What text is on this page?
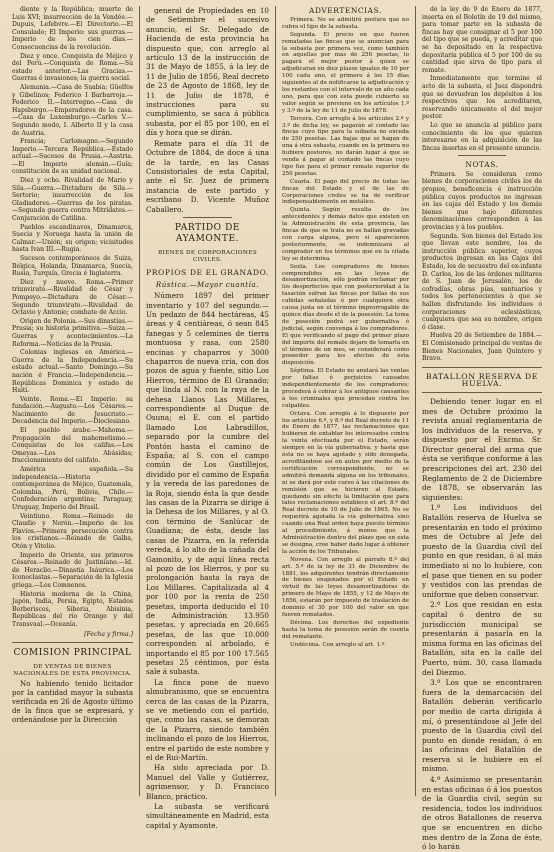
diente y la República; muerte de Luis XVI; insurrección de la Vendée.—Dupuis, Lefebvre.—El Directorio.—El Consulado; El Imperio: sus guerras.—Imperio de los cien días.—Consecuencias de la revolución.

Diez y once. Conquista de Méjico y del Perú.—Conquista de Roma.—Su estado anterior.—Las Gracias.—Guerras é invasiones; la guerra social.

Alemania.—Casa de Suabia; Güelfos y Gibelinos; Federico I Barbarroja.—Federico II.—Interregno.—Casa de Hapsburgo.—Emperadores de la casa.—Casa de Luxemburgo.—Carlos V.—Segundo modo, I. Alberto II y la casa de Austria.

Francia; Carlomagno.—Segundo Imperio.—Tercera República.—Estado actual.—Sucesos de Prusia.—Austria.—El Imperio alemán.—Guía; constitución de su unidad nacional.

Diez y ocho. Rivalidad de Mario y Sila.—Guerra.—Dictadura de Sila.—Sertorio; insurrección de los Gladiadores.—Guerras de los piratas.—Segunda guerra contra Mitrídates.—Conjuración de Catilina.

Pueblos escandinavos, Dinamarca, Suecia y Noruega hasta la unión de Calmar.—Unión; su origen; vicisitudes hasta Ivan III.—Rugia.

Sucesos contemporáneos de Suiza, Bélgica, Holanda, Dinamarca, Suecia, Rusia, Turquía, Grecia é Inglaterra.

Diez y nueve. Roma.—Primer triunvirato.—Rivalidad de César y Pompeyo.—Dictadura de César.—Segundo triunvirato.—Rivalidad de Octavio y Antonio; combate de Accio.

Origen de Polonia.—Sus dinastías.—Prusia; su historia primitiva.—Suiza.—Guerras y acontecimientos.—La Reforma.—Noticias de la Prusia.

Colonias inglesas en América.—Guerra de la Independencia.—Su estado actual.—Santo Domingo.—Su nación é Francia.—Independencia.—Repúblicas Dominica y estado de Haití.

Veinte. Roma.—El Imperio: su fundación.—Augusto.—Los Césares.—Nacimiento de Jesucristo.—Decadencia del Imperio.—Dioclesiano.

El pueblo árabe.—Mahoma.—Propagación del mahometismo.—Conquistas de los califas.—Los Omeyas.—Los Abásidas; fraccionamiento del califato.

América española.—Su independencia.—Historia contemporánea de Méjico, Guatemala, Colombia, Perú, Bolivia, Chile.—Confederación argentina; Paraguay, Uruguay, Imperio del Brasil.

Veintiuno. Roma.—Reinado de Claudio y Nerón.—Imperio de los Flavios.—Primera persecución contra los cristianos.—Reinado de Galba, Otón y Vitelio.

Imperio de Oriente, sus primeros Césares.—Reinado de Justiniano.—Id. de Heraclio.—Dinastía Isáurica.—Los Iconoclastas.—Separación de la Iglesia griega.—Los Comnenos.

Historia moderna de la China, Japón, India, Persia, Egipto, Estados Berberiscos, Siberia, Abisinia, Repúblicas del río Orange y del Transvaal.—Oceanía.

[Fecha y firma.]
COMISION PRINCIPAL
DE VENTAS DE BIENES NACIONALES DE ESTA PROVINCIA.

No habiendo tenido licitador por la cantidad mayor la subasta verificada en 26 de Agosto último de la finca que se expresará, y ordenándose por la Dirección

general de Propiedades en 10 de Setiembre el sucesivo anuncio, el Sr. Delegado de Hacienda de esta provincia ha dispuesto que, con arreglo al artículo 13 de la instrucción de 31 de Mayo de 1855, á la ley de 11 de Julio de 1856, Real decreto de 23 de Agosto de 1868, ley de 11 de Julio de 1878, é instrucciones para su cumplimiento, se saca á pública subasta, por el 85 por 100, en el día y hora que se dirán.

Remate para el día 31 de Octubre de 1884, de doce á una de la tarde, en las Casas Consistoriales de esta Capital, ante el Sr. Juez de primera instancia de este partido y escribano D. Vicente Muñoz Caballero.

PARTIDO DE AYAMONTE.
BIENES DE CORPORACIONES CIVILES.
PROPIOS DE EL GRANADO.
Rústica.—Mayor cuantía.

Número 1897 del primer inventario y 107 del segundo.—Un pedazo de 844 hectáreas, 45 áreas y 4 centiáreas, ó sean 845 fanegas y 5 celemines de tierra montuosa y rasa, con 2580 encinas y chaparros y 3000 chaparros de nueva cría, con dos pozos de agua y fuente, sitio Los Hierros, término de El Granado; que linda al N. con la raya de la dehesa Llanos Las Millares, correspondiente al Duque de Osuna; el E. con el partido llamado Los Labradillos, separado por la cumbre del Pontón hasta el camino de España; al S. con el campo común de Los Gastillejos, dividido por el camino de España y la vereda de las paredones de la Roja, siendo ésta la que desde las casas de la Pizarra se dirige á la Dehesa de los Millares, y al O. con término de Sanlúcar de Guadiana; de ésta, desde las casas de Pizarra, en la referida vereda, á lo alto de la cañada del Gamonito, y de aquí línea recta al pozo de los Hierros, y por su prolongación hasta la raya de Los Millares. Capitalizada al 4 por 100 por la renta de 250 pesetas, importa deducido el 10 de Administración 13.950 pesetas, y apreciada en 20.665 pesetas, de las que 10.000 corresponden al arbolado, é importando el 85 por 100 17.565 pesetas 25 céntimos, por ésta sale á subasta.

La finca pone de nuevo almubranismo, que se encuentra cerca de las casas de la Pizarra, se ve metiendo con el partido, que, como las casas, se demoran de la Pizarra, siendo también inclinando el pozo de los Hierros, entre el partido de este nombre y el de Rui-Martín.

Ha sido apreciada por D. Manuel del Valle y Gutiérrez, agrimensor, y D. Francisco Blanco, práctico.

La subasta se verificará simultáneamente en Madrid, esta capital y Ayamonte.

ADVERTENCIAS.

Primera. No se admitirá postura que no cubra el tipo de la subasta.

Segunda. El precio en que fueren rematadas las fincas que se anuncian para la subasta por primera vez, como también en aquellas por más de 250 pesetas, lo pagará el mejor postor á quien se adjudicaran en diez plazos iguales de 10 por 100 cada uno, el primero á los 15 días siguientes al de notificarse la adjudicación y los restantes con el intervalo de un año cada uno, para que con esta puede cubierto su valor según se previene en los artículos 1.º y 3.º de la ley de 11 de Julio de 1878.

Tercera. Con arreglo á los artículos 2.º y 3.º de dicha ley, se pagarán al contado las fincas cuyo tipo para la subasta no exceda de 250 pesetas. Las bajas que se hagan de una á otra subasta, cuando en la primera no hubiere postores, no darán lugar á que se venda á pagar al contado las fincas cuyo tipo fue para el primer remate superior de 250 pesetas.

Cuarta. El pago del precio de todas las fincas del Estado y el de las de Corporaciones civiles se ha de verificar indispensablemente en metálico.

Quinta. Según resulta de los antecedentes y demás datos que existen en la Administración de esta provincia, las fincas de que se trata no se hallan gravadas con carga alguna, pero si aparecieren posteriormente, se indemnizará al comprador en los términos que en la citada ley se determina.

Sexta. Los compradores de bienes comprendidos en las leyes de desamortización, sólo podrán reclamar por los desperfectos que con posterioridad á la tasación sufran las fincas por fallas de sus cabidas señaladas ó por cualquiera otra causa justa en el término improrrogable de quince días desde el de la posesión. La toma de posesión podrá ser gubernativa ó judicial, según convenga á los compradores. El que verificando el pago del primer plazo del importe del remate dejare de tomarla en el término de un mes, se considerará como poseedor para los efectos de esta disposición.

Séptima. El Estado no anulará las ventas por faltas ó perjuicios causados independientemente de los compradores; procederá á cobrar á los antiguos causantes á los criminales que procedan contra los culpables.

Octava. Con arreglo á lo dispuesto por los artículos 6.º, y 8.º del Real decreto de 11 de Enero de 1877, las reclamaciones que hubieren de entablar los interesados contra la venta efectuada por el Estado, serán siempre en la vía gubernativa, y hasta que ésta no se haya agotado y sido denegada, acreditándose así en autos por medio de la certificación correspondiente, no se admitirá demanda alguna en los tribunales, ni se dará por este curso á las citaciones de remisión que se hicieren al Estado, quedando sin efecto la limitación que para tales reclamaciones establece el art. 8.º del Real decreto de 10 de Julio de 1865. No se requerirá agotada la vía gubernativa sino cuando una Real orden haya puesto término al procedimiento, á menos que la Administración dentro del plazo que en esta se designa, cree haber dado lugar á obtener la acción de los Tribunales.

Novena. Con arreglo al párrafo 8.º del art. 5.º de la ley de 31 de Diciembre de 1881, los adquirentes tendrán directamente de bienes enajenados por el Estado en virtud de las leyes desamortizadoras de primero de Mayo de 1855, y 12 de Mayo de 1856, estarán por impuesto de traslación de dominio el 30 por 100 del valor en que fueren rematados.

Décima. Los derechos del expediente hasta la toma de posesión serán de cuenta del rematante.

Undécima. Con arreglo al art. 1.º

de la ley de 9 de Enero de 1877, inserta en el Boletín de 19 del mismo, para tomar parte en la subasta de fincas hay que consignar el 5 por 100 del tipo que se pueda, y acreditar que se ha depositado en la respectiva depositaría pública el 5 por 100 de su cantidad que sirva de tipo para el remate.

Inmediatamente que termine el acto de la subasta, el Juez dispondrá que se devuelvan los depósitos á los respectivos que los acreditaron, reservando únicamente el del mejor postor.

Lo que se anuncia al público para conocimiento de los que quieran interesarse en la adquisición de las fincas insertas en el presente anuncio.

NOTAS.

Primera. Se consideran como bienes de corporaciones civiles los de propios, beneficencia é instrucción pública cuyos productos no ingresan en las cajas del Estado y los demás bienes que bajo diferentes denominaciones corresponden á las provincias y á los pueblos.

Segunda. Son bienes del Estado los que llevan este nombre, los de instrucción pública superior, cuyos productos ingresan en las Cajas del Estado, los de secuestro del ex-infante D. Carlos, los de las órdenes militares de S. Juan de Jerusalén, los de cofradías, obras pías, santuarios y todos los pertenecientes á que se hallen disfrutando los individuos ó corporaciones eclesiásticas, cualquiera que sea su nombre, origen ó clase.

Huelva 20 de Setiembre de 1884.—El Comisionado principal de ventas de Bienes Nacionales, Juan Quintero y Bravo.

BATALLON RESERVA DE HUELVA.

Debiendo tener lugar en el mes de Octubre próximo la revista anual reglamentaria de los individuos de la reserva, y dispuesto por el Excmo. Sr. Director general del arma que ésta se verifique conforme á las prescripciones del art. 230 del Reglamento de 2 de Diciembre de 1878, se observarán las siguientes:

1.º Los individuos del Batallón reserva de Huelva se presentarán en todo el próximo mes de Octubre al Jefe del puesto de la Guardia civil del punto en que residan, ó al más inmediato si no lo hubiere, con el pase que tienen en su poder y vestidos con las prendas de uniforme que deben conservar.

2.º Los que residan en esta capital ó dentro de su jurisdicción municipal se presentarán á pasarla en la misma forma en las oficinas del Batallón, sita en la calle del Puerto, núm. 30, casa llamada del Diezmo.

3.º Los que se encontraren fuera de la demarcación del Batallón deberán verificarlo por medio de carta dirigida á mí, ó presentándose al Jefe del puesto de la Guardia civil del punto en donde residan, ó en las oficinas del Batallón de reserva si le hubiere en el mismo.

4.º Asimismo se presentarán en estas oficinas ó á los puestos de la Guardia civil, según su residencia, todos los individuos de otros Batallones de reserva que se encuentren en dicho mes dentro de la Zona de éste, ó lo harán
